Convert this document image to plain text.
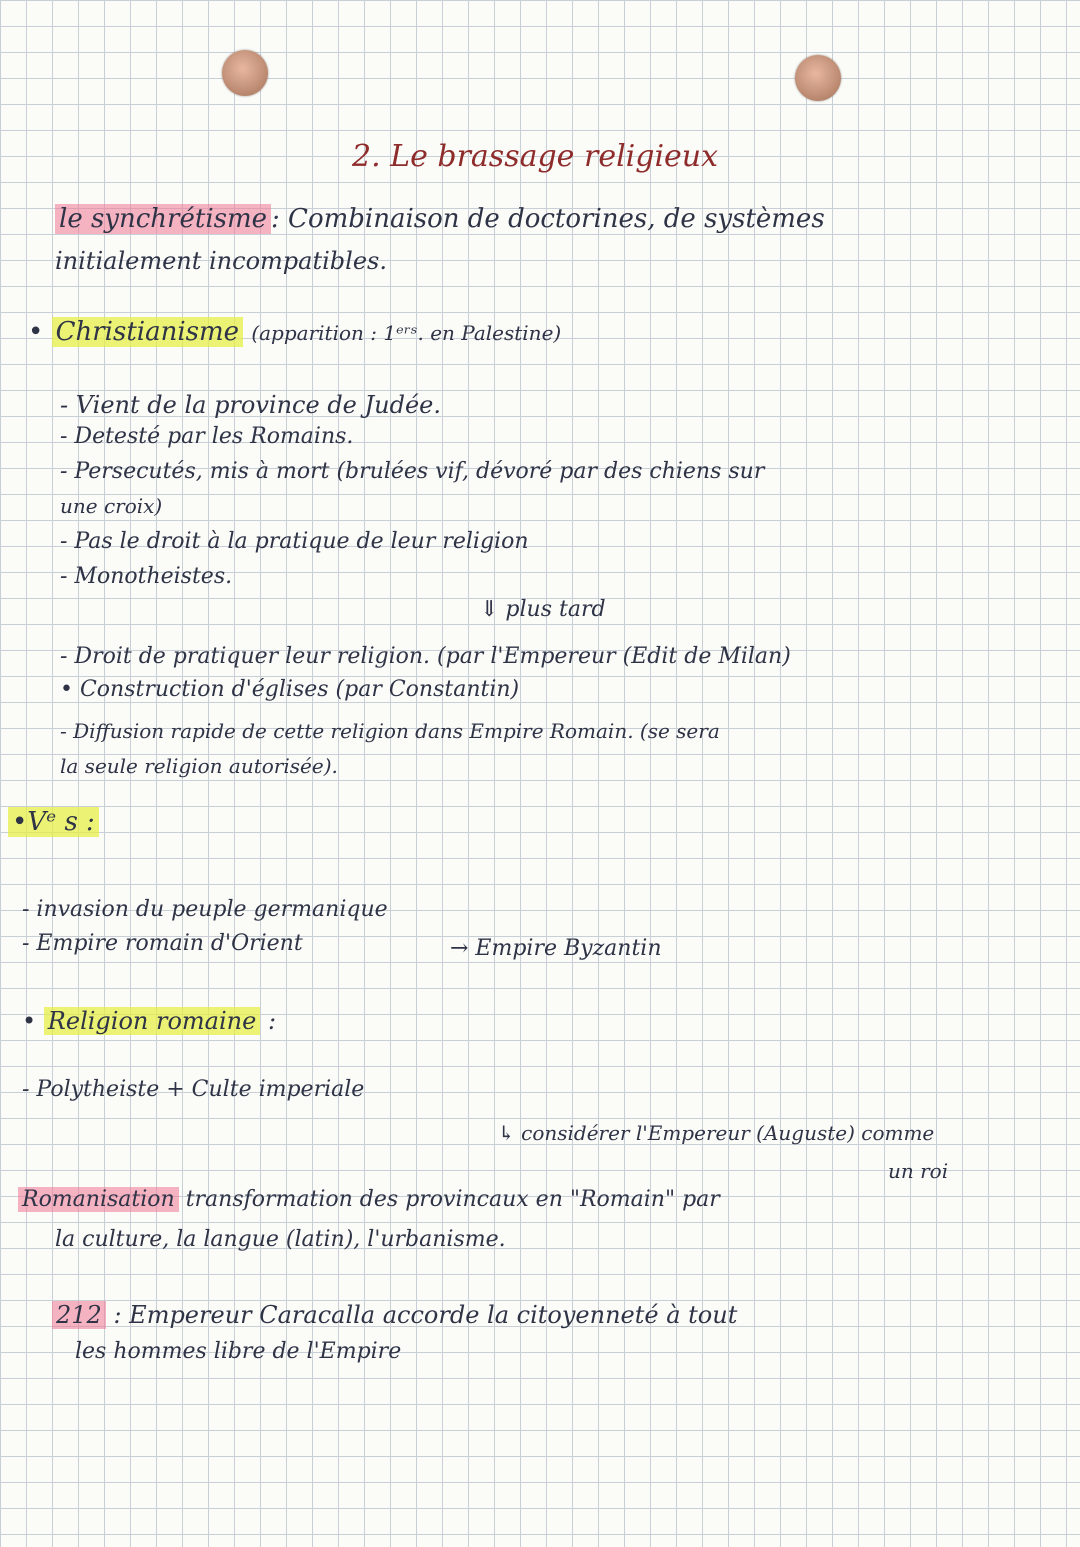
2. Le brassage religieux
le synchrétisme : Combinaison de doctorines, de systèmes
initialement incompatibles.
• Christianisme (apparition : 1ᵉʳˢ. en Palestine)
- Vient de la province de Judée.
- Detesté par les Romains.
- Persecutés, mis à mort (brulées vif, dévoré par des chiens sur
une croix)
- Pas le droit à la pratique de leur religion
- Monotheistes.
⇓ plus tard
- Droit de pratiquer leur religion. (par l'Empereur (Edit de Milan)
• Construction d'églises (par Constantin)
- Diffusion rapide de cette religion dans Empire Romain. (se sera
la seule religion autorisée).
•Vᵉ s :
- invasion du peuple germanique
- Empire romain d'Orient	→ Empire Byzantin
• Religion romaine :
- Polytheiste + Culte imperiale
↳ considérer l'Empereur (Auguste) comme
un roi
Romanisation transformation des provincaux en "Romain" par
la culture, la langue (latin), l'urbanisme.
212 : Empereur Caracalla accorde la citoyenneté à tout
les hommes libre de l'Empire
